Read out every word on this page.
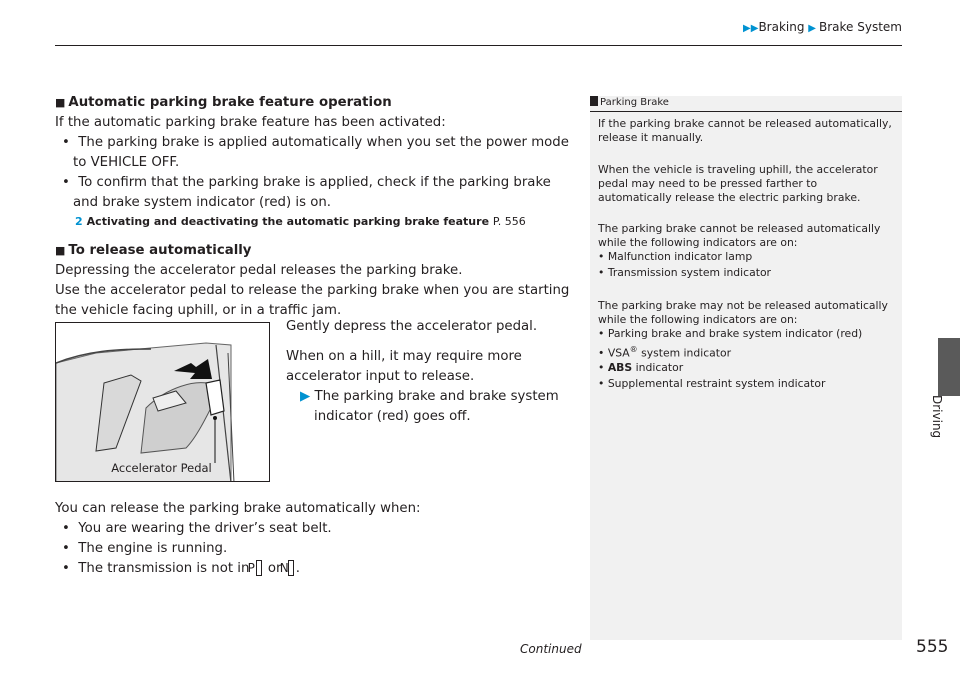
▶▶Braking ▶ Brake System
Driving
■ Automatic parking brake feature operation
If the automatic parking brake feature has been activated:
•  The parking brake is applied automatically when you set the power mode to VEHICLE OFF.
•  To confirm that the parking brake is applied, check if the parking brake and brake system indicator (red) is on.
2 Activating and deactivating the automatic parking brake feature P. 556
■ To release automatically
Depressing the accelerator pedal releases the parking brake.
Use the accelerator pedal to release the parking brake when you are starting the vehicle facing uphill, or in a traffic jam.
Gently depress the accelerator pedal.
When on a hill, it may require more accelerator input to release.
▶ The parking brake and brake system indicator (red) goes off.
Accelerator Pedal
You can release the parking brake automatically when:
•  You are wearing the driver’s seat belt.
•  The engine is running.
•  The transmission is not in P or N .
Parking Brake

If the parking brake cannot be released automatically, release it manually.

When the vehicle is traveling uphill, the accelerator pedal may need to be pressed farther to automatically release the electric parking brake.

The parking brake cannot be released automatically while the following indicators are on:

• Malfunction indicator lamp

• Transmission system indicator

The parking brake may not be released automatically while the following indicators are on:

• Parking brake and brake system indicator (red)

• VSA® system indicator

• ABS indicator

• Supplemental restraint system indicator

Continued	555
